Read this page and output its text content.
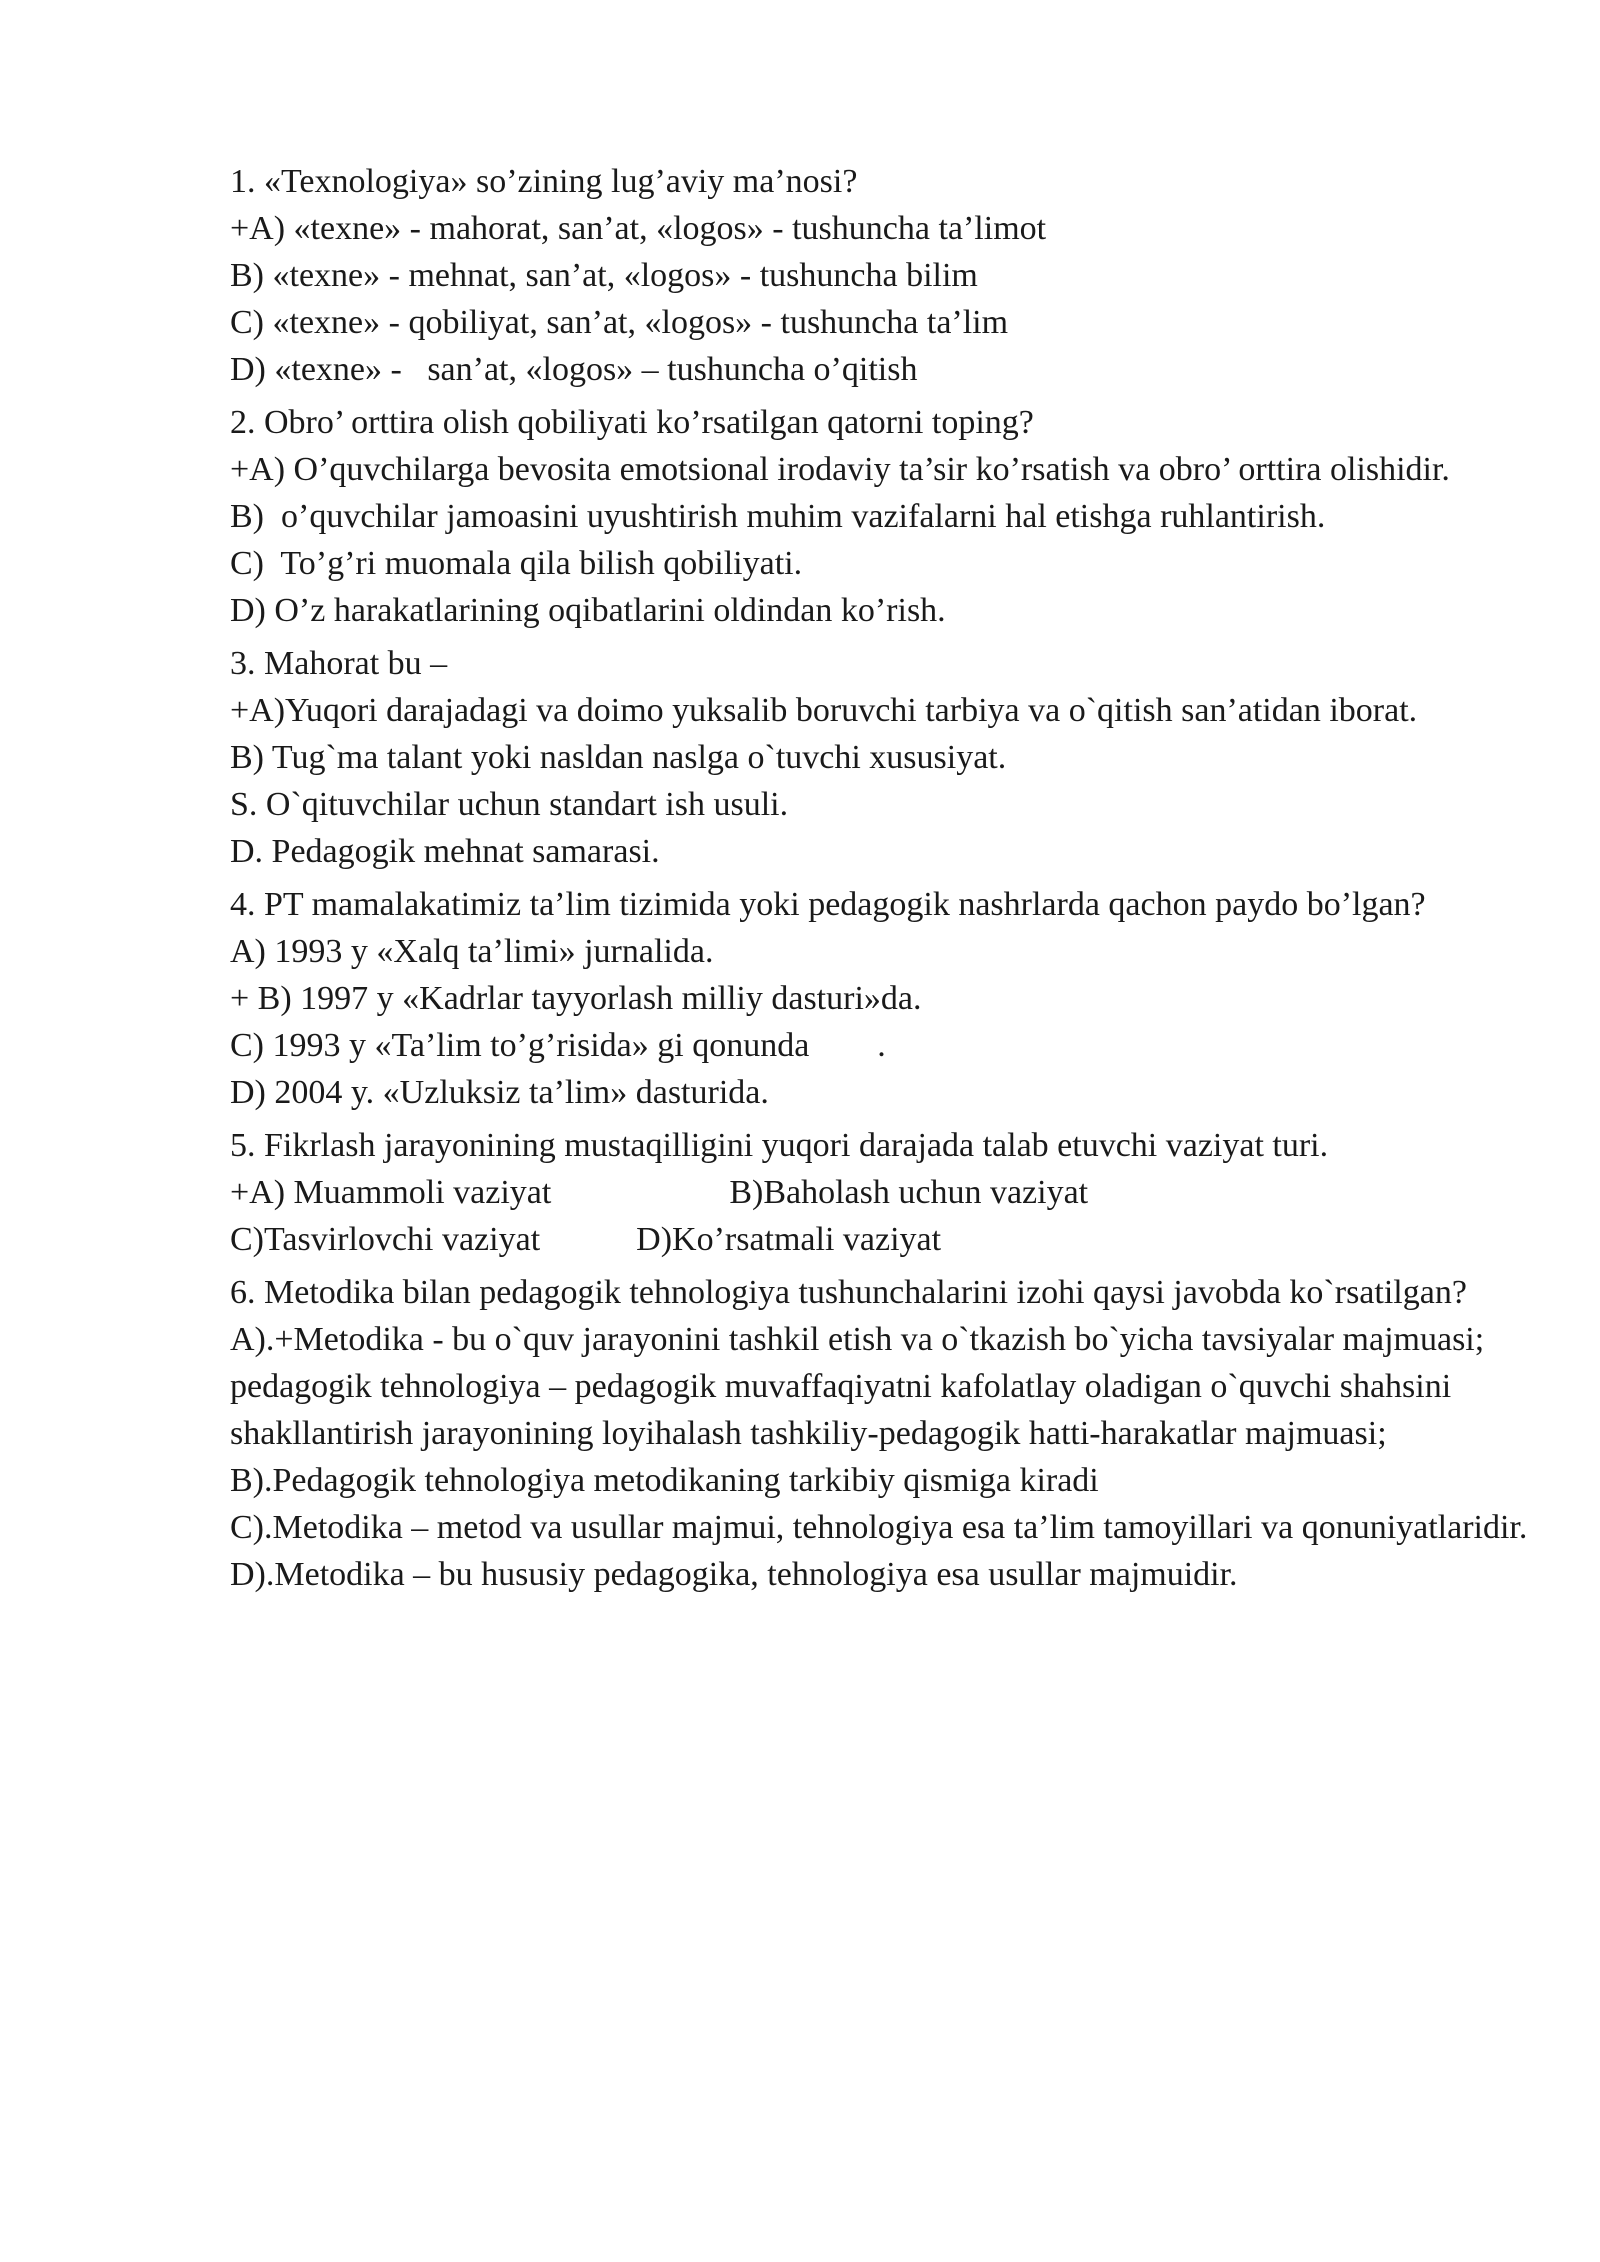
1. «Texnologiya» so’zining lug’aviy ma’nosi?

+A) «texne» - mahorat, san’at, «logos» - tushuncha ta’limot

B) «texne» - mehnat, san’at, «logos» - tushuncha bilim

C) «texne» - qobiliyat, san’at, «logos» - tushuncha ta’lim

D) «texne» -   san’at, «logos» – tushuncha o’qitish

2. Obro’ orttira olish qobiliyati ko’rsatilgan qatorni toping?

+A) O’quvchilarga bevosita emotsional irodaviy ta’sir ko’rsatish va obro’ orttira olishidir.

B)  o’quvchilar jamoasini uyushtirish muhim vazifalarni hal etishga ruhlantirish.

C)  To’g’ri muomala qila bilish qobiliyati.

D) O’z harakatlarining oqibatlarini oldindan ko’rish.

3. Mahorat bu –

+A)Yuqori darajadagi va doimo yuksalib boruvchi tarbiya va o`qitish san’atidan iborat.

B) Tug`ma talant yoki nasldan naslga o`tuvchi xususiyat.

S. O`qituvchilar uchun standart ish usuli.

D. Pedagogik mehnat samarasi.

4. PT mamalakatimiz ta’lim tizimida yoki pedagogik nashrlarda qachon paydo bo’lgan?

A) 1993 y «Xalq ta’limi» jurnalida.

+ B) 1997 y «Kadrlar tayyorlash milliy dasturi»da.

C) 1993 y «Ta’lim to’g’risida» gi qonunda        .

D) 2004 y. «Uzluksiz ta’lim» dasturida.

5. Fikrlash jarayonining mustaqilligini yuqori darajada talab etuvchi vaziyat turi.

+A) Muammoli vaziyat	B)Baholash uchun vaziyat
C)Tasvirlovchi vaziyat	D)Ko’rsatmali vaziyat

6. Metodika bilan pedagogik tehnologiya tushunchalarini izohi qaysi javobda ko`rsatilgan?

A).+Metodika - bu o`quv jarayonini tashkil etish va o`tkazish bo`yicha tavsiyalar majmuasi;

pedagogik tehnologiya – pedagogik muvaffaqiyatni kafolatlay oladigan o`quvchi shahsini shakllantirish jarayonining loyihalash tashkiliy-pedagogik hatti-harakatlar majmuasi;

B).Pedagogik tehnologiya metodikaning tarkibiy qismiga kiradi

C).Metodika – metod va usullar majmui, tehnologiya esa ta’lim tamoyillari va qonuniyatlaridir.

D).Metodika – bu hususiy pedagogika, tehnologiya esa usullar majmuidir.
